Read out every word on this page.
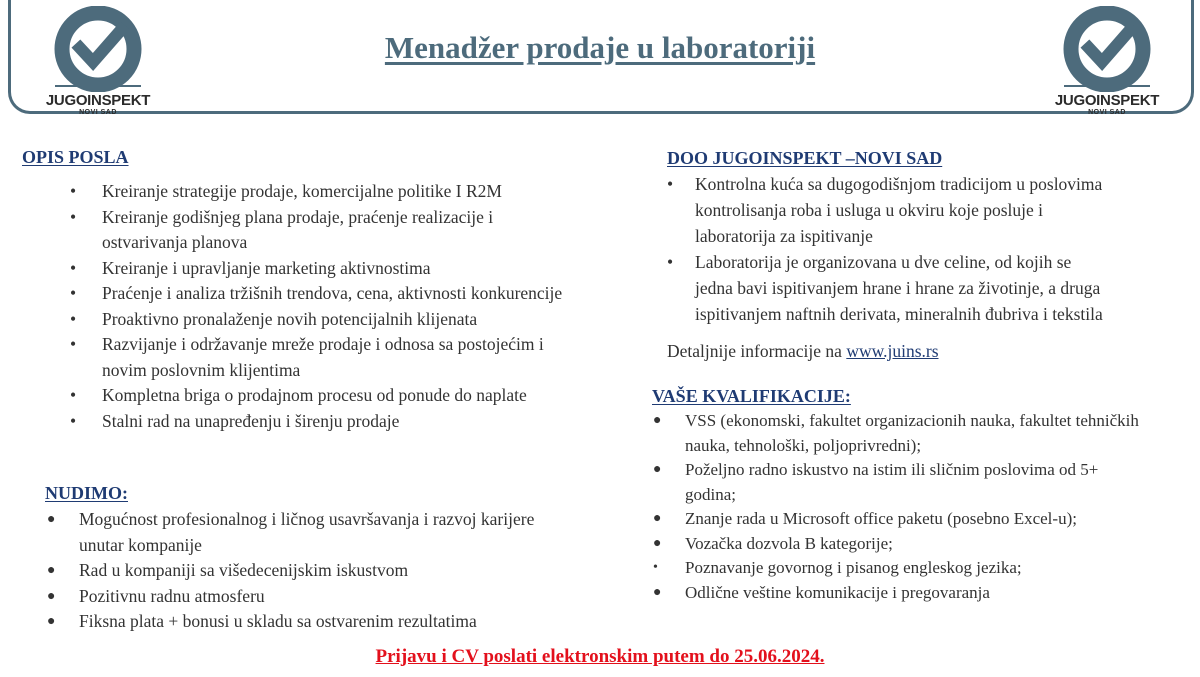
JUGOINSPEKT
NOVI SAD
JUGOINSPEKT
NOVI SAD
Menadžer prodaje u laboratoriji
OPIS POSLA
• Kreiranje strategije prodaje, komercijalne politike I R2M
• Kreiranje godišnjeg plana prodaje, praćenje realizacije i
ostvarivanja planova
• Kreiranje i upravljanje marketing aktivnostima
• Praćenje i analiza tržišnih trendova, cena, aktivnosti konkurencije
• Proaktivno pronalaženje novih potencijalnih klijenata
• Razvijanje i održavanje mreže prodaje i odnosa sa postojećim i
novim poslovnim klijentima
• Kompletna briga o prodajnom procesu od ponude do naplate
• Stalni rad na unapređenju i širenju prodaje
NUDIMO:
● Mogućnost profesionalnog i ličnog usavršavanja i razvoj karijere
unutar kompanije
● Rad u kompaniji sa višedecenijskim iskustvom
● Pozitivnu radnu atmosferu
● Fiksna plata + bonusi u skladu sa ostvarenim rezultatima
DOO JUGOINSPEKT –NOVI SAD
• Kontrolna kuća sa dugogodišnjom tradicijom u poslovima
kontrolisanja roba i usluga u okviru koje posluje i
laboratorija za ispitivanje
• Laboratorija je organizovana u dve celine, od kojih se
jedna bavi ispitivanjem hrane i hrane za životinje, a druga
ispitivanjem naftnih derivata, mineralnih đubriva i tekstila
Detaljnije informacije na www.juins.rs
VAŠE KVALIFIKACIJE:
● VSS (ekonomski, fakultet organizacionih nauka, fakultet tehničkih
nauka, tehnološki, poljoprivredni);
● Poželjno radno iskustvo na istim ili sličnim poslovima od 5+
godina;
● Znanje rada u Microsoft office paketu (posebno Excel-u);
● Vozačka dozvola B kategorije;
• Poznavanje govornog i pisanog engleskog jezika;
● Odlične veštine komunikacije i pregovaranja
Prijavu i CV poslati elektronskim putem do 25.06.2024.
